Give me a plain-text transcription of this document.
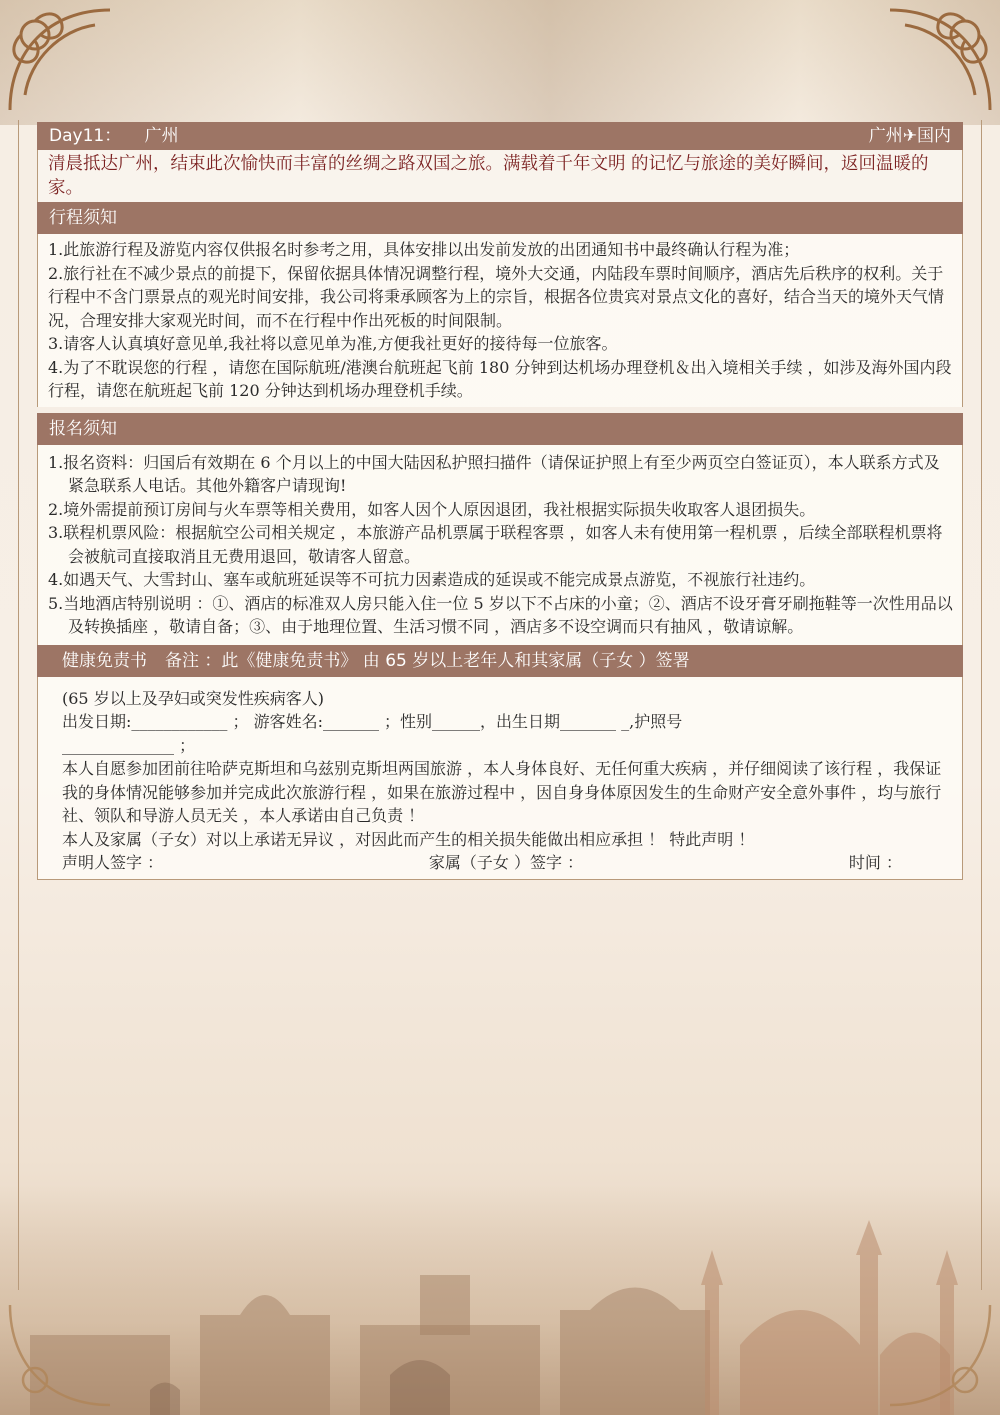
Day11： 广州	广州✈国内
清晨抵达广州，结束此次愉快而丰富的丝绸之路双国之旅。满载着千年文明 的记忆与旅途的美好瞬间，返回温暖的家。
行程须知

1.此旅游行程及游览内容仅供报名时参考之用，具体安排以出发前发放的出团通知书中最终确认行程为准；

2.旅行社在不减少景点的前提下，保留依据具体情况调整行程，境外大交通，内陆段车票时间顺序，酒店先后秩序的权利。关于行程中不含门票景点的观光时间安排，我公司将秉承顾客为上的宗旨，根据各位贵宾对景点文化的喜好，结合当天的境外天气情况，合理安排大家观光时间，而不在行程中作出死板的时间限制。

3.请客人认真填好意见单,我社将以意见单为准,方便我社更好的接待每一位旅客。

4.为了不耽误您的行程 ，请您在国际航班/港澳台航班起飞前 180 分钟到达机场办理登机＆出入境相关手续 ，如涉及海外国内段行程，请您在航班起飞前 120 分钟达到机场办理登机手续。

报名须知

1.报名资料：归国后有效期在 6 个月以上的中国大陆因私护照扫描件（请保证护照上有至少两页空白签证页），本人联系方式及紧急联系人电话。其他外籍客户请现询!

2.境外需提前预订房间与火车票等相关费用，如客人因个人原因退团，我社根据实际损失收取客人退团损失。

3.联程机票风险：根据航空公司相关规定 ，本旅游产品机票属于联程客票 ，如客人未有使用第一程机票 ，后续全部联程机票将会被航司直接取消且无费用退回，敬请客人留意。

4.如遇天气、大雪封山、塞车或航班延误等不可抗力因素造成的延误或不能完成景点游览，不视旅行社违约。

5.当地酒店特别说明 ：①、酒店的标准双人房只能入住一位 5 岁以下不占床的小童；②、酒店不设牙膏牙刷拖鞋等一次性用品以及转换插座 ，敬请自备；③、由于地理位置、生活习惯不同 ，酒店多不设空调而只有抽风 ，敬请谅解。

健康免责书 备注 ：此《健康免责书》 由 65 岁以上老年人和其家属（子女 ）签署

(65 岁以上及孕妇或突发性疾病客人)

出发日期:____________ ； 游客姓名:_______ ；性别______，出生日期_______ _,护照号

______________ ；

本人自愿参加团前往哈萨克斯坦和乌兹别克斯坦两国旅游 ，本人身体良好、无任何重大疾病 ，并仔细阅读了该行程 ，我保证我的身体情况能够参加并完成此次旅游行程 ，如果在旅游过程中 ，因自身身体原因发生的生命财产安全意外事件 ，均与旅行社、领队和导游人员无关 ，本人承诺由自己负责 ！

本人及家属（子女）对以上承诺无异议 ，对因此而产生的相关损失能做出相应承担 ！ 特此声明 ！

声明人签字 ：	家属（子女 ）签字 ：	时间 ：
